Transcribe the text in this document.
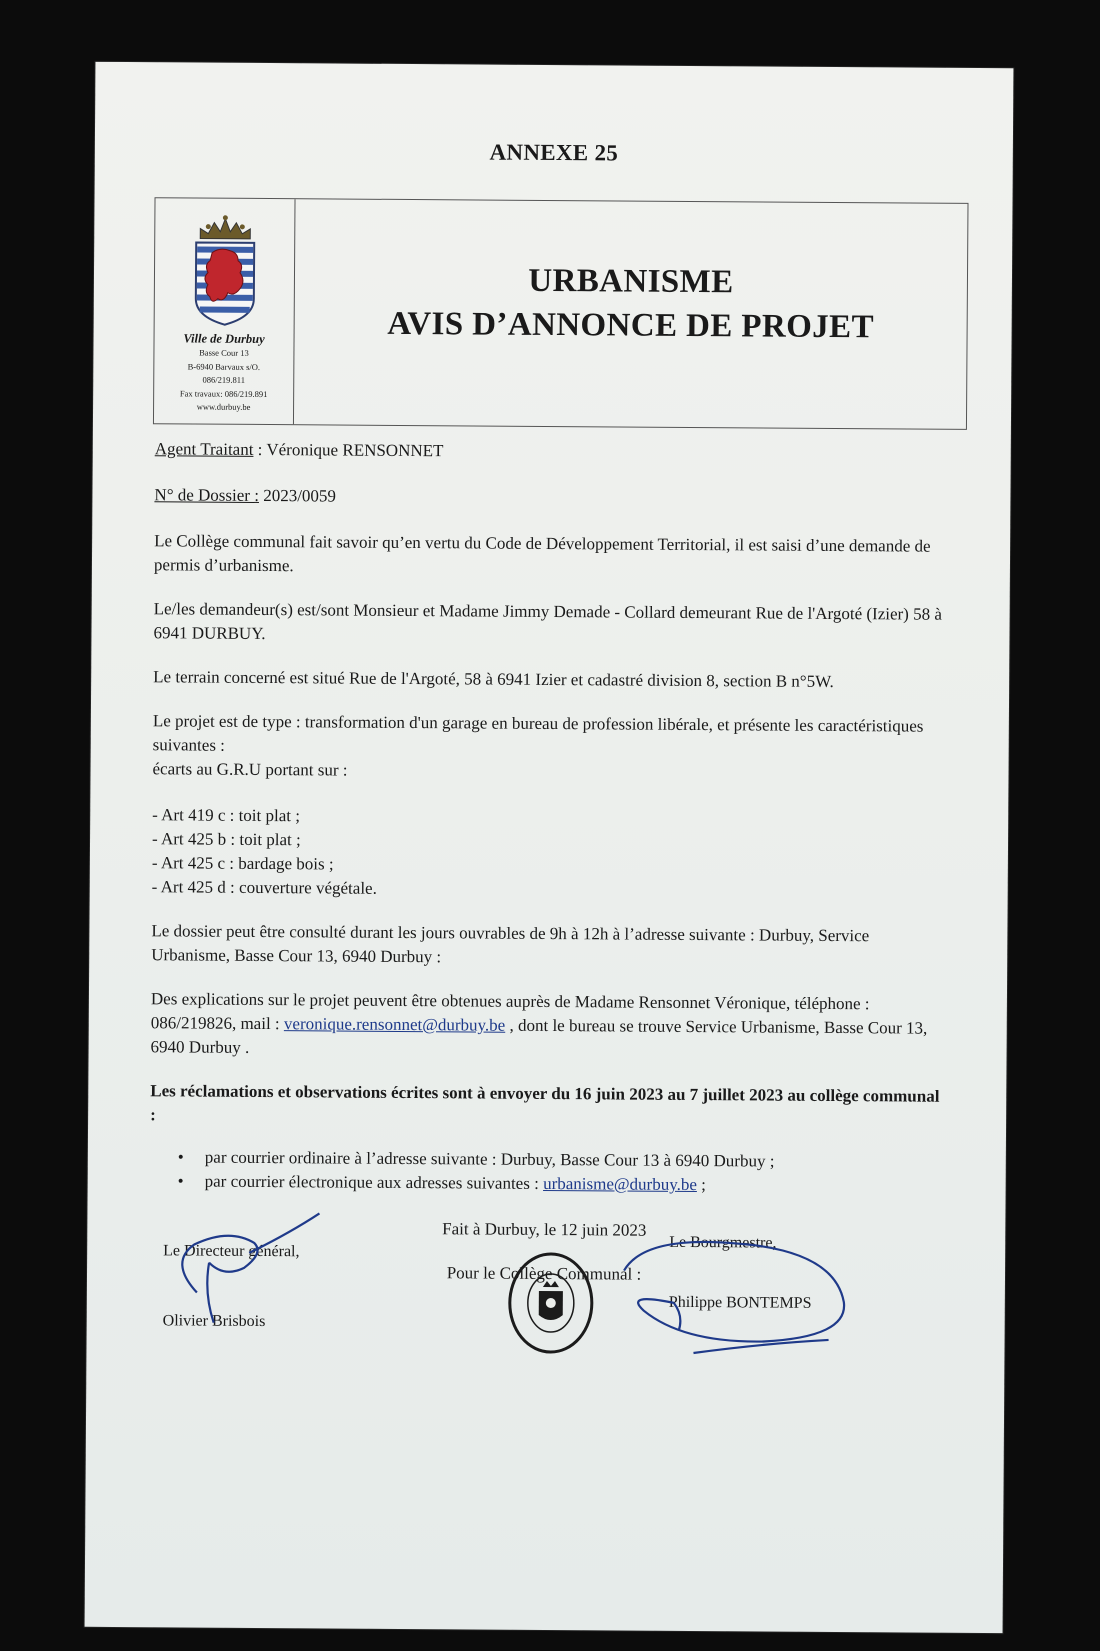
ANNEXE 25
Ville de Durbuy
Basse Cour 13
B-6940 Barvaux s/O.
086/219.811
Fax travaux: 086/219.891
www.durbuy.be
URBANISME
AVIS D’ANNONCE DE PROJET

Agent Traitant : Véronique RENSONNET

N° de Dossier : 2023/0059

Le Collège communal fait savoir qu’en vertu du Code de Développement Territorial, il est saisi d’une demande de permis d’urbanisme.

Le/les demandeur(s) est/sont Monsieur et Madame Jimmy Demade - Collard demeurant Rue de l'Argoté (Izier) 58 à 6941 DURBUY.

Le terrain concerné est situé Rue de l'Argoté, 58 à 6941 Izier et cadastré division 8, section B n°5W.

Le projet est de type : transformation d'un garage en bureau de profession libérale, et présente les caractéristiques suivantes :

écarts au G.R.U portant sur :

- Art 419 c : toit plat ;
- Art 425 b : toit plat ;
- Art 425 c : bardage bois ;
- Art 425 d : couverture végétale.

Le dossier peut être consulté durant les jours ouvrables de 9h à 12h à l’adresse suivante : Durbuy, Service Urbanisme, Basse Cour 13, 6940 Durbuy :

Des explications sur le projet peuvent être obtenues auprès de Madame Rensonnet Véronique, téléphone : 086/219826, mail : veronique.rensonnet@durbuy.be , dont le bureau se trouve Service Urbanisme, Basse Cour 13, 6940 Durbuy .

Les réclamations et observations écrites sont à envoyer du 16 juin 2023 au 7 juillet 2023 au collège communal :

• par courrier ordinaire à l’adresse suivante : Durbuy, Basse Cour 13 à 6940 Durbuy ;
• par courrier électronique aux adresses suivantes : urbanisme@durbuy.be ;

Fait à Durbuy, le 12 juin 2023

Pour le Collège Communal :

Le Directeur général,
Olivier Brisbois
Le Bourgmestre,
Philippe BONTEMPS
